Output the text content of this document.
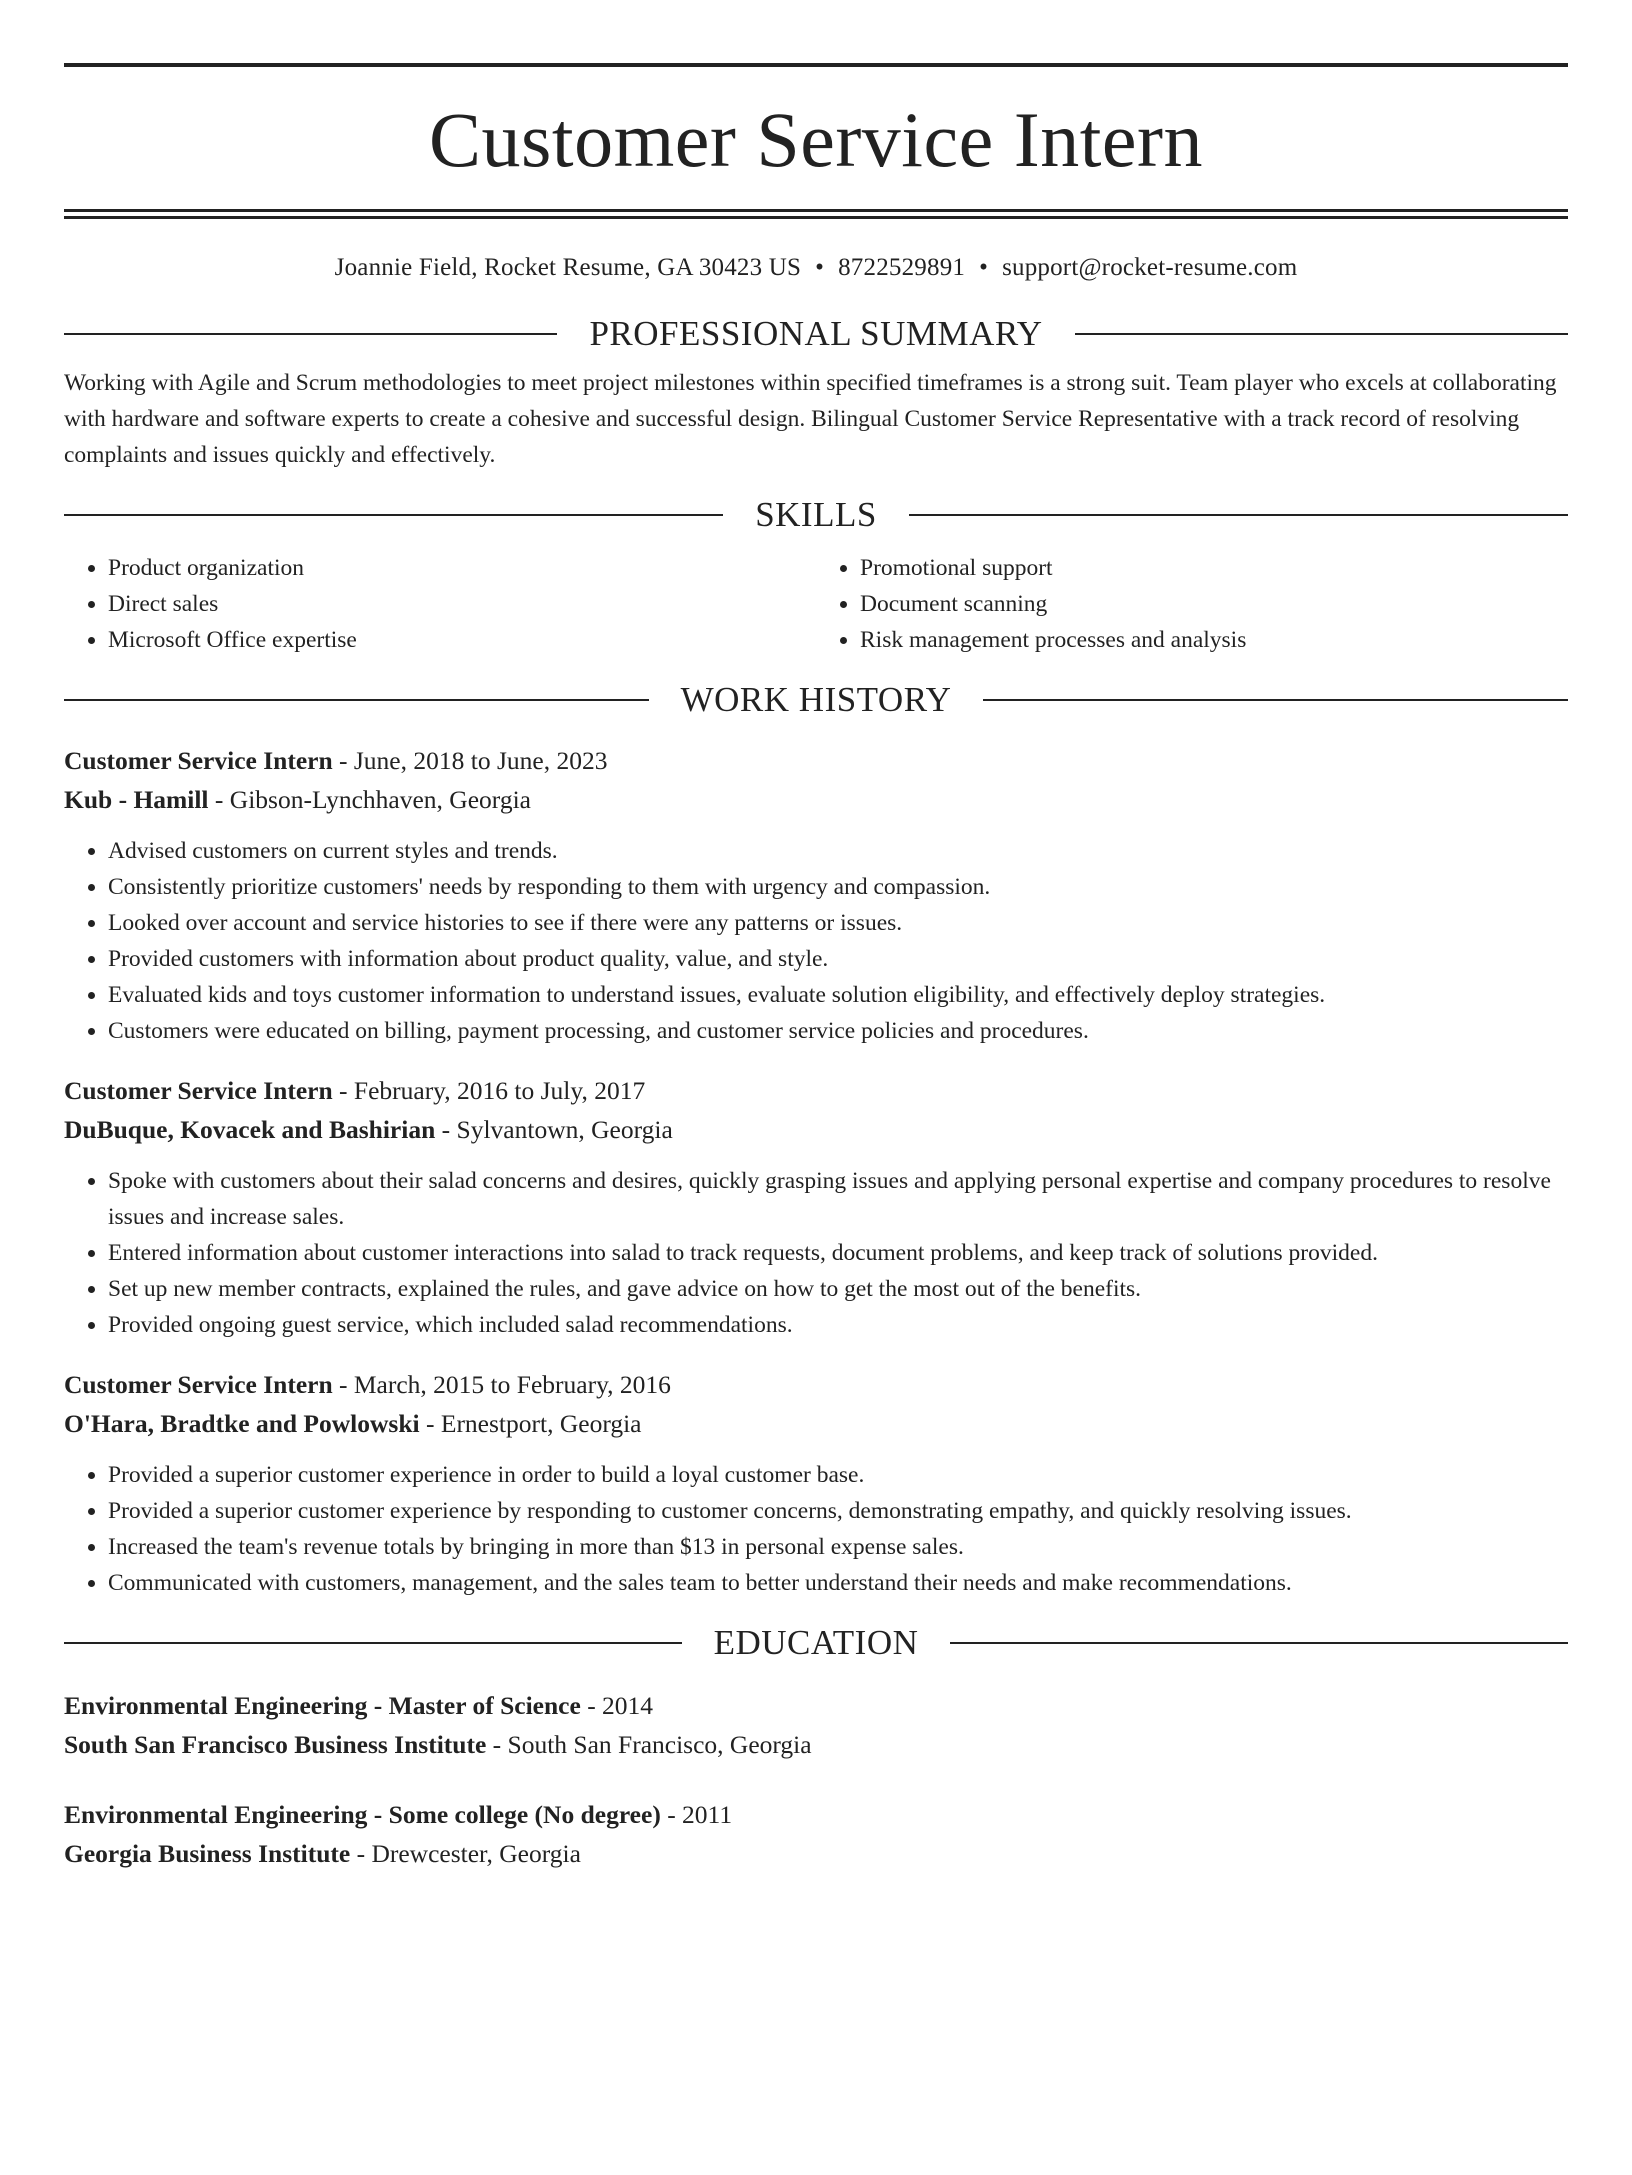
Customer Service Intern
Joannie Field, Rocket Resume, GA 30423 US • 8722529891 • support@rocket-resume.com
PROFESSIONAL SUMMARY
Working with Agile and Scrum methodologies to meet project milestones within specified timeframes is a strong suit. Team player who excels at collaborating with hardware and software experts to create a cohesive and successful design. Bilingual Customer Service Representative with a track record of resolving complaints and issues quickly and effectively.
SKILLS
• Product organization
• Direct sales
• Microsoft Office expertise
• Promotional support
• Document scanning
• Risk management processes and analysis
WORK HISTORY
Customer Service Intern - June, 2018 to June, 2023
Kub - Hamill - Gibson-Lynchhaven, Georgia
• Advised customers on current styles and trends.
• Consistently prioritize customers' needs by responding to them with urgency and compassion.
• Looked over account and service histories to see if there were any patterns or issues.
• Provided customers with information about product quality, value, and style.
• Evaluated kids and toys customer information to understand issues, evaluate solution eligibility, and effectively deploy strategies.
• Customers were educated on billing, payment processing, and customer service policies and procedures.
Customer Service Intern - February, 2016 to July, 2017
DuBuque, Kovacek and Bashirian - Sylvantown, Georgia
• Spoke with customers about their salad concerns and desires, quickly grasping issues and applying personal expertise and company procedures to resolve issues and increase sales.
• Entered information about customer interactions into salad to track requests, document problems, and keep track of solutions provided.
• Set up new member contracts, explained the rules, and gave advice on how to get the most out of the benefits.
• Provided ongoing guest service, which included salad recommendations.
Customer Service Intern - March, 2015 to February, 2016
O'Hara, Bradtke and Powlowski - Ernestport, Georgia
• Provided a superior customer experience in order to build a loyal customer base.
• Provided a superior customer experience by responding to customer concerns, demonstrating empathy, and quickly resolving issues.
• Increased the team's revenue totals by bringing in more than $13 in personal expense sales.
• Communicated with customers, management, and the sales team to better understand their needs and make recommendations.
EDUCATION
Environmental Engineering - Master of Science - 2014
South San Francisco Business Institute - South San Francisco, Georgia
Environmental Engineering - Some college (No degree) - 2011
Georgia Business Institute - Drewcester, Georgia
